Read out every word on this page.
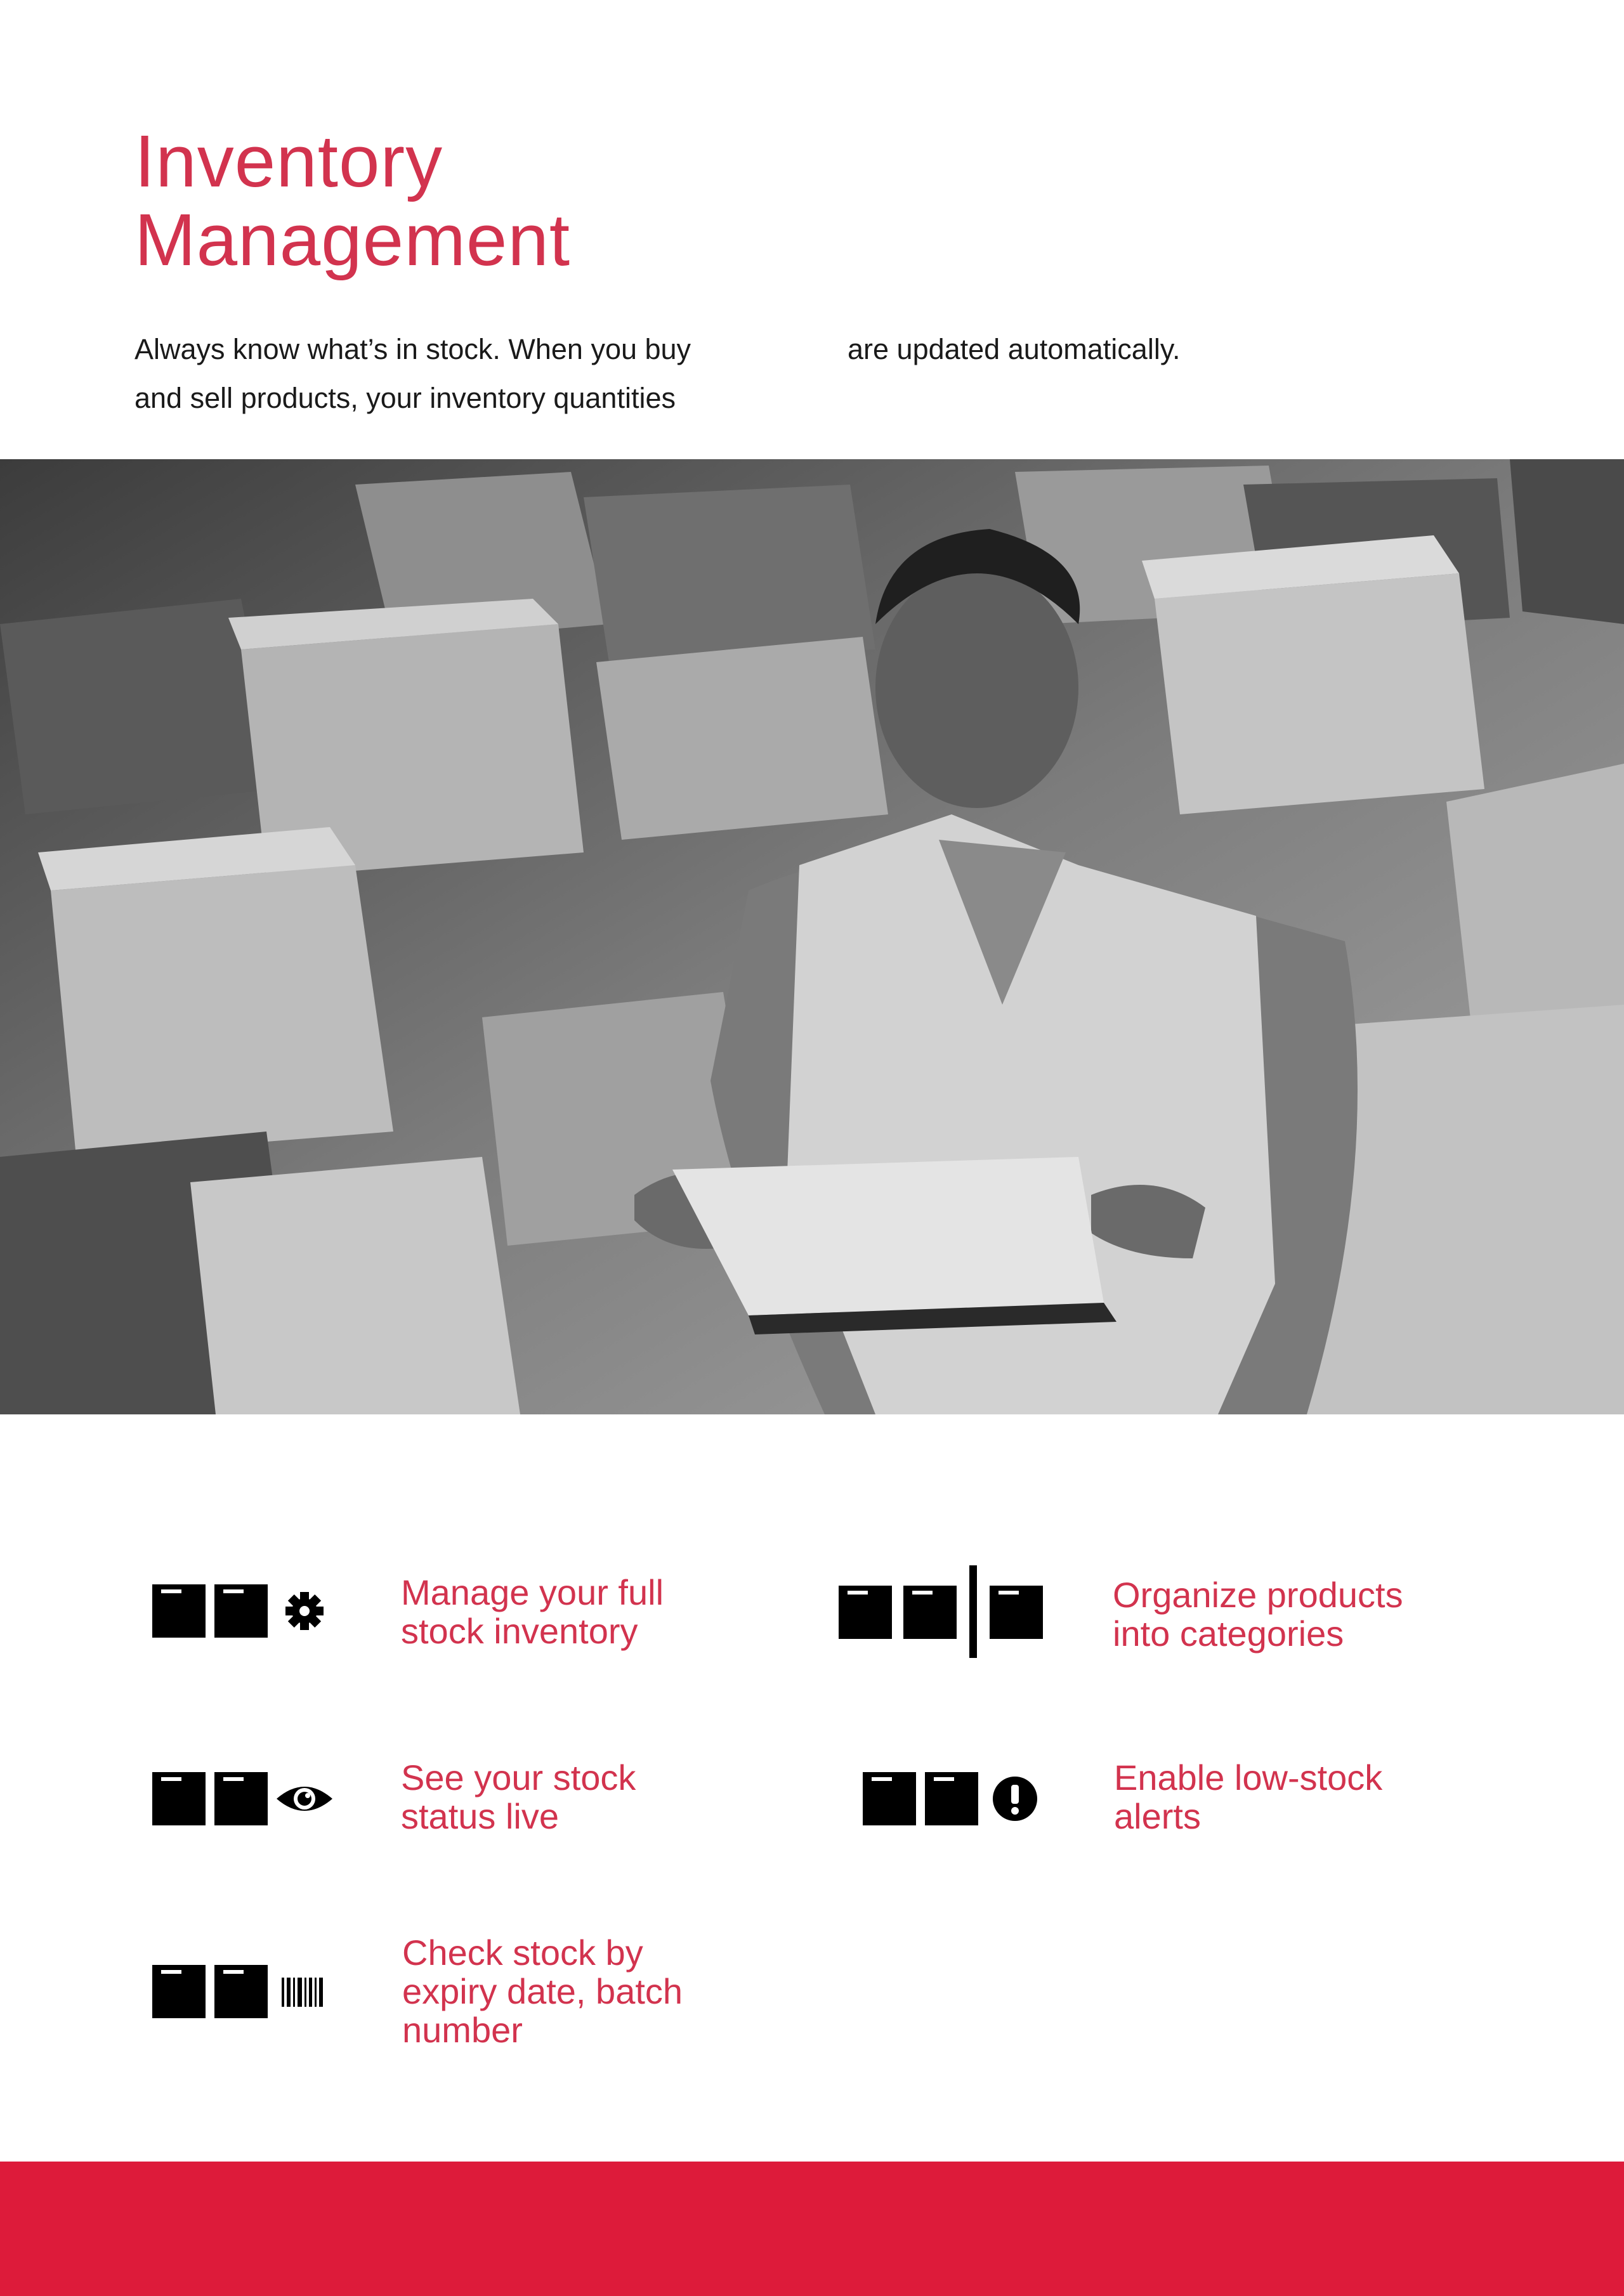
Inventory
Management

Always know what’s in stock. When you buy
and sell products, your inventory quantities

are updated automatically.

Manage your full
stock inventory
Organize products
into categories
See your stock
status live
Enable low-stock
alerts
Check stock by
expiry date, batch
number
